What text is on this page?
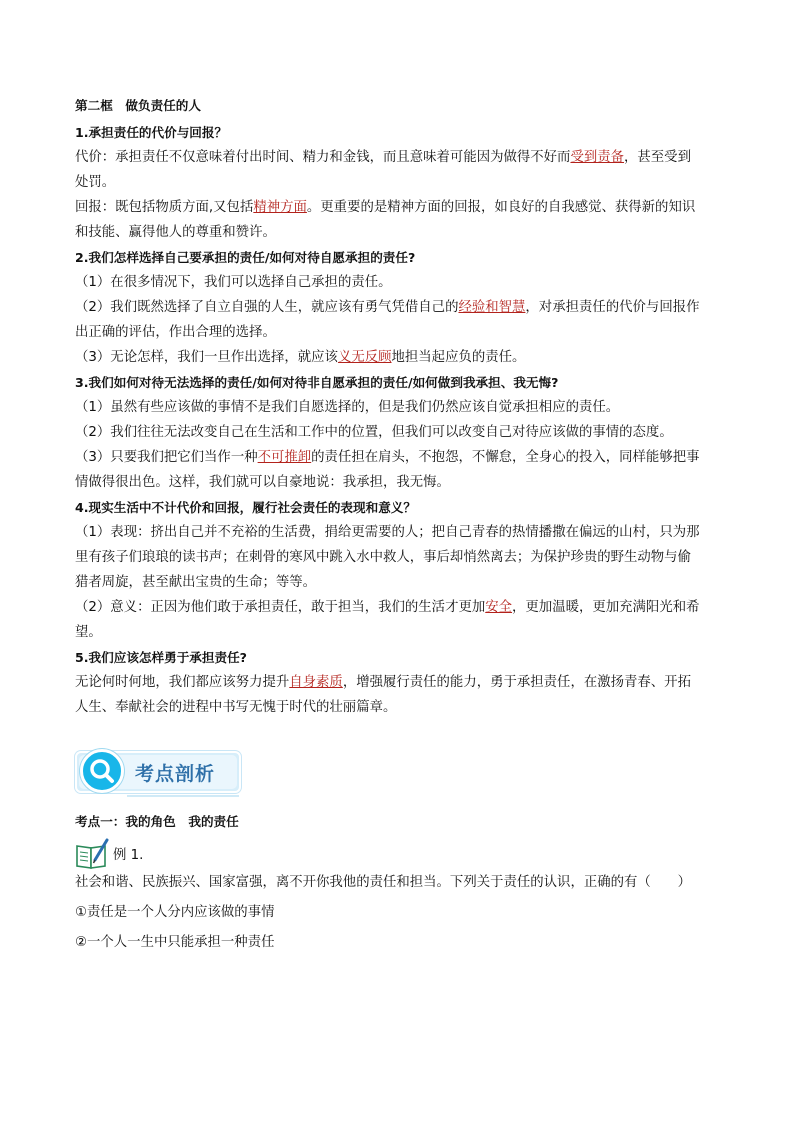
第二框　做负责任的人
1.承担责任的代价与回报？
代价：承担责任不仅意味着付出时间、精力和金钱，而且意味着可能因为做得不好而受到责备，甚至受到
处罚。
回报：既包括物质方面,又包括精神方面。更重要的是精神方面的回报，如良好的自我感觉、获得新的知识
和技能、赢得他人的尊重和赞许。
2.我们怎样选择自己要承担的责任/如何对待自愿承担的责任?
（1）在很多情况下，我们可以选择自己承担的责任。
（2）我们既然选择了自立自强的人生，就应该有勇气凭借自己的经验和智慧，对承担责任的代价与回报作
出正确的评估，作出合理的选择。
（3）无论怎样，我们一旦作出选择，就应该义无反顾地担当起应负的责任。
3.我们如何对待无法选择的责任/如何对待非自愿承担的责任/如何做到我承担、我无悔?
（1）虽然有些应该做的事情不是我们自愿选择的，但是我们仍然应该自觉承担相应的责任。
（2）我们往往无法改变自己在生活和工作中的位置，但我们可以改变自己对待应该做的事情的态度。
（3）只要我们把它们当作一种不可推卸的责任担在肩头，不抱怨，不懈怠，全身心的投入，同样能够把事
情做得很出色。这样，我们就可以自豪地说：我承担，我无悔。
4.现实生活中不计代价和回报，履行社会责任的表现和意义？
（1）表现：挤出自己并不充裕的生活费，捐给更需要的人；把自己青春的热情播撒在偏远的山村，只为那
里有孩子们琅琅的读书声；在刺骨的寒风中跳入水中救人，事后却悄然离去；为保护珍贵的野生动物与偷
猎者周旋，甚至献出宝贵的生命；等等。
（2）意义：正因为他们敢于承担责任，敢于担当，我们的生活才更加安全，更加温暖，更加充满阳光和希
望。
5.我们应该怎样勇于承担责任?
无论何时何地，我们都应该努力提升自身素质，增强履行责任的能力，勇于承担责任，在激扬青春、开拓
人生、奉献社会的进程中书写无愧于时代的壮丽篇章。
考点剖析
考点一：我的角色　我的责任
例 1.
社会和谐、民族振兴、国家富强，离不开你我他的责任和担当。下列关于责任的认识，正确的有（　　）
①责任是一个人分内应该做的事情
②一个人一生中只能承担一种责任
